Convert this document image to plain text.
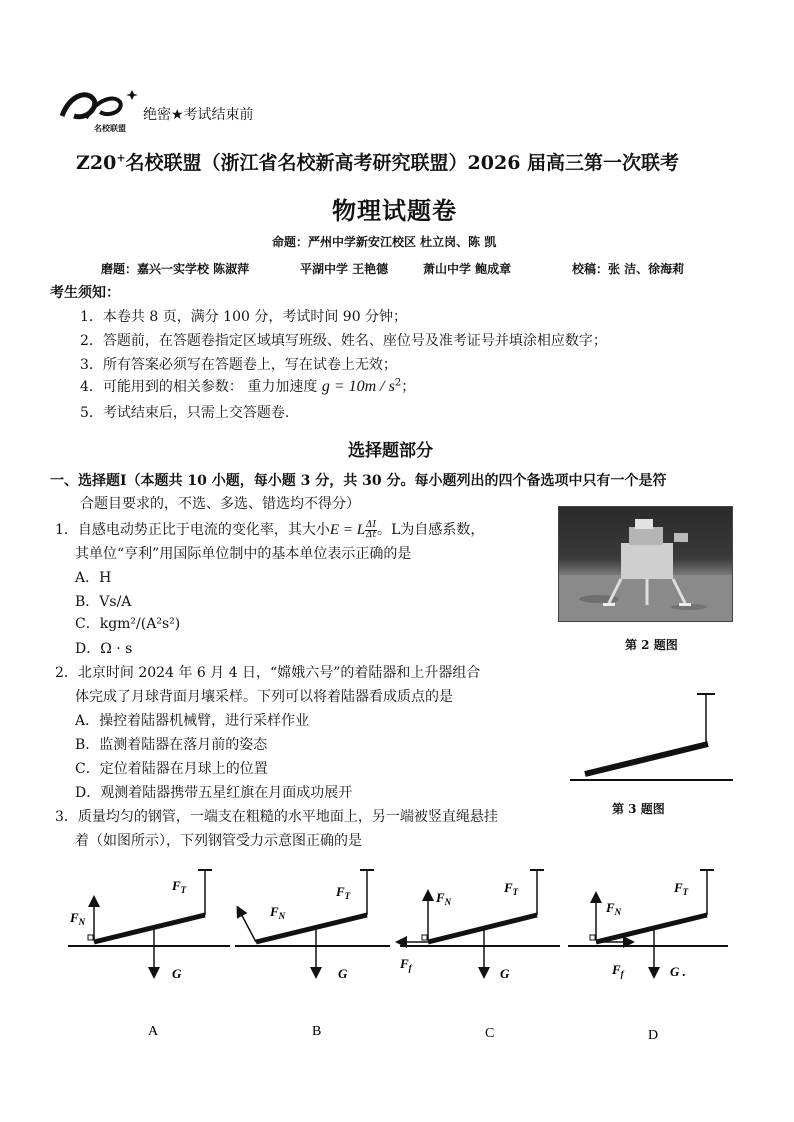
名校联盟
绝密★考试结束前
Z20+名校联盟（浙江省名校新高考研究联盟）2026 届高三第一次联考
物理试题卷
命题：严州中学新安江校区 杜立岗、陈 凯
磨题：嘉兴一实学校 陈淑萍	平湖中学 王艳德	萧山中学 鲍成章	校稿：张 洁、徐海莉
考生须知：
1．本卷共 8 页，满分 100 分，考试时间 90 分钟；
2．答题前，在答题卷指定区域填写班级、姓名、座位号及准考证号并填涂相应数字；
3．所有答案必须写在答题卷上，写在试卷上无效；
4．可能用到的相关参数： 重力加速度 $g = 10m / s^2$；
5．考试结束后，只需上交答题卷.
选择题部分
一、选择题Ⅰ（本题共 10 小题，每小题 3 分，共 30 分。每小题列出的四个备选项中只有一个是符
合题目要求的，不选、多选、错选均不得分）
1．自感电动势正比于电流的变化率，其大小E = L $\frac{\Delta I}{\Delta t}$ 。L为自感系数，
其单位“亨利”用国际单位制中的基本单位表示正确的是
A．H
B．Vs/A
C．kgm²/(A²s²)
D．Ω · s	第 2 题图
2．北京时间 2024 年 6 月 4 日，“嫦娥六号”的着陆器和上升器组合
体完成了月球背面月壤采样。下列可以将着陆器看成质点的是
A．操控着陆器机械臂，进行采样作业
B．监测着陆器在落月前的姿态
C．定位着陆器在月球上的位置
D．观测着陆器携带五星红旗在月面成功展开
第 3 题图
3．质量均匀的钢管，一端支在粗糙的水平地面上，另一端被竖直绳悬挂
着（如图所示），下列钢管受力示意图正确的是
$F_N$
$F_T$
G
A
$F_N$
$F_T$
G
B
$F_N$
$F_T$
$F_f$	G
C
$F_N$
$F_T$
$F_f$	G .
D
